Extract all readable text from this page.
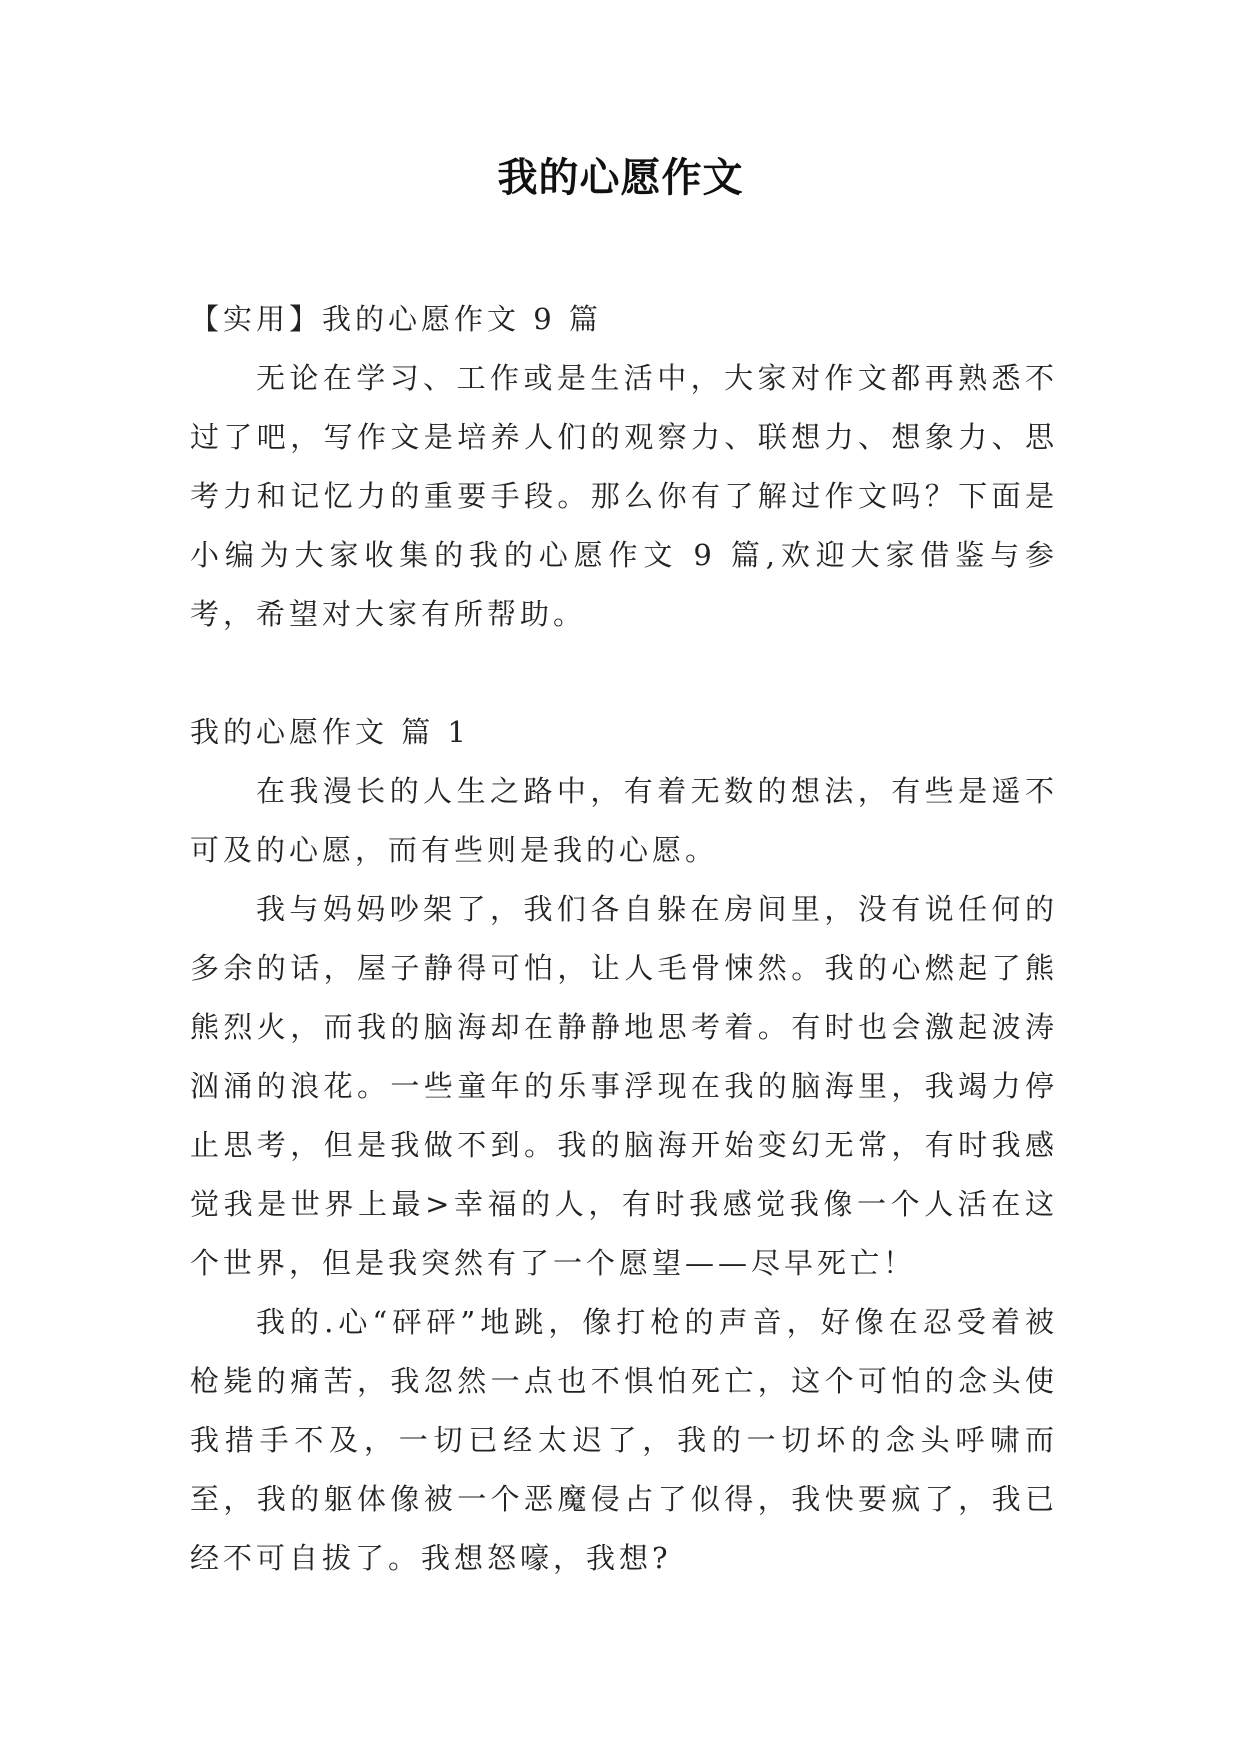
我的心愿作文

【实用】我的心愿作文 9 篇

无论在学习、工作或是生活中，大家对作文都再熟悉不过了吧，写作文是培养人们的观察力、联想力、想象力、思考力和记忆力的重要手段。那么你有了解过作文吗？下面是小编为大家收集的我的心愿作文 9 篇,欢迎大家借鉴与参考，希望对大家有所帮助。

我的心愿作文 篇 1

在我漫长的人生之路中，有着无数的想法，有些是遥不可及的心愿，而有些则是我的心愿。

我与妈妈吵架了，我们各自躲在房间里，没有说任何的多余的话，屋子静得可怕，让人毛骨悚然。我的心燃起了熊熊烈火，而我的脑海却在静静地思考着。有时也会激起波涛汹涌的浪花。一些童年的乐事浮现在我的脑海里，我竭力停止思考，但是我做不到。我的脑海开始变幻无常，有时我感觉我是世界上最>幸福的人，有时我感觉我像一个人活在这个世界，但是我突然有了一个愿望——尽早死亡！

我的.心“砰砰”地跳，像打枪的声音，好像在忍受着被枪毙的痛苦，我忽然一点也不惧怕死亡，这个可怕的念头使我措手不及，一切已经太迟了，我的一切坏的念头呼啸而至，我的躯体像被一个恶魔侵占了似得，我快要疯了，我已经不可自拔了。我想怒嚎，我想?
